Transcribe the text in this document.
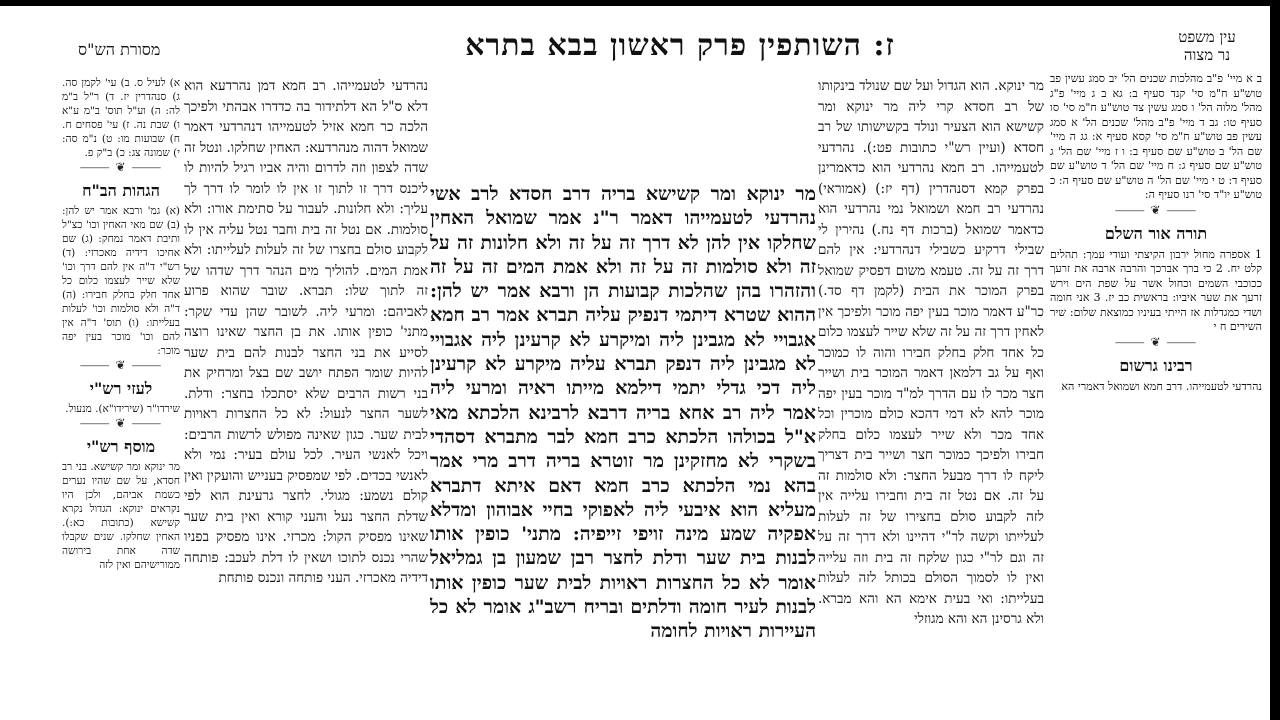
עין משפט
נר מצוה
ז: השותפין פרק ראשון בבא בתרא
מסורת הש"ס

מר ינוקא ומר קשישא בריה דרב חסדא לרב אשי נהרדעי לטעמייהו דאמר ר"נ אמר שמואל האחין שחלקו אין להן לא דרך זה על זה ולא חלונות זה על זה ולא סולמות זה על זה ולא אמת המים זה על זה והזהרו בהן שהלכות קבועות הן ורבא אמר יש להן: ההוא שטרא דיתמי דנפיק עליה תברא אמר רב חמא אגבויי לא מגבינן ליה ומיקרע לא קרעינן ליה אגבויי לא מגבינן ליה דנפק תברא עליה מיקרע לא קרעינן ליה דכי גדלי יתמי דילמא מייתו ראיה ומרעי ליה אמר ליה רב אחא בריה דרבא לרבינא הלכתא מאי א"ל בכולהו הלכתא כרב חמא לבר מתברא דסהדי בשקרי לא מחזקינן מר זוטרא בריה דרב מרי אמר בהא נמי הלכתא כרב חמא דאם איתא דתברא מעליא הוא איבעי ליה לאפוקי בחיי אבוהון ומדלא אפקיה שמע מינה זויפי זייפיה: מתני' כופין אותו לבנות בית שער ודלת לחצר רבן שמעון בן גמליאל אומר לא כל החצרות ראויות לבית שער כופין אותו לבנות לעיר חומה ודלתים ובריח רשב"ג אומר לא כל העיירות ראויות לחומה

מר ינוקא. הוא הגדול ועל שם שנולד בינקותו של רב חסדא קרי ליה מר ינוקא ומר קשישא הוא הצעיר ונולד בקשישותו של רב חסדא (ועיין רש"י כתובות פט:). נהרדעי לטעמייהו. רב חמא נהרדעי הוא כדאמרינן בפרק קמא דסנהדרין (דף יז:) (אמוראי) נהרדעי רב חמא ושמואל נמי נהרדעי הוא כדאמר שמואל (ברכות דף נח.) נהירין לי שבילי דרקיע כשבילי דנהרדעי: אין להם דרך זה על זה. טעמא משום דפסיק שמואל בפרק המוכר את הבית (לקמן דף סד.) כר"ע דאמר מוכר בעין יפה מוכר ולפיכך אין לאחין דרך זה על זה שלא שייר לעצמו כלום כל אחד חלק בחלק חבירו והוה לו כמוכר ואף על גב דלמאן דאמר המוכר בית ושייר חצר מכר לו עם הדרך למ"ד מוכר בעין יפה מוכר להא לא דמי דהכא כולם מוכרין וכל אחד מכר ולא שייר לעצמו כלום בחלק חבירו ולפיכך כמוכר חצר ושייר בית דצריך ליקח לו דרך מבעל החצר: ולא סולמות זה על זה. אם נטל זה בית וחבירו עלייה אין לזה לקבוע סולם בחצירו של זה לעלות לעלייתו וקשה לר"י דהיינו ולא דרך זה על זה וגם לר"י כגון שלקח זה בית וזה עלייה ואין לו לסמוך הסולם בכותל לזה לעלות בעלייתו: ואי בעית אימא הא והא מברא. ולא גרסינן הא והא מגוזלי

נהרדעי לטעמייהו. רב חמא דמן נהרדעא הוא דלא ס"ל הא דלתידור בה כדדרו אבהתי ולפיכך הלכה כר חמא אזיל לטעמייהו דנהרדעי דאמר שמואל דהוה מנהרדעא: האחין שחלקו. ונטל זה שדה לצפון וזה לדרום והיה אביו רגיל להיות לו ליכנס דרך זו לתוך זו אין לו לומר לו דרך לך עליך: ולא חלונות. לעבור על סתימת אורו: ולא סולמות. אם נטל זה בית וחבר נטל עליה אין לו לקבוע סולם בחצרו של זה לעלות לעלייתו: ולא אמת המים. להוליך מים הנהר דרך שדהו של זה לתוך שלו: תברא. שובר שהוא פרוע לאביהם: ומרעי ליה. לשובר שהן עדי שקר: מתני' כופין אותו. את בן החצר שאינו רוצה לסייע את בני החצר לבנות להם בית שער להיות שומר הפתח יושב שם בצל ומרחיק את בני רשות הרבים שלא יסתכלו בחצר: ודלת. לשער החצר לנעול: לא כל החצרות ראויות לבית שער. כגון שאינה מפולש לרשות הרבים: ויכל לאנשי העיר. לכל עולם בעיר: נמי ולא לאנשי בכדים. לפי שמפסיק בענייש והועקין ואין קולם נשמע: מגולי. לחצר גרעינת הוא לפי שדלת החצר נעל והעני קורא ואין בית שער שאינו מפסיק הקול: מכרזי. אינו מפסיק בפניו שהרי נכנס לתוכו ושאין לו דלת לעכב: פותחה דידיה מאכרזי. העני פותחה ונכנס פותחת

ב א מיי' פ"ב מהלכות שכנים הל' יב סמג עשין פב טוש"ע ח"מ סי' קנד סעיף ב: גא ב ג מיי' פ"ג מהל' מלוה הל' ו סמג עשין צד טוש"ע ח"מ סי' סו סעיף טו: גב ד מיי' פ"ב מהל' שכנים הל' א סמג עשין פב טוש"ע ח"מ סי' קסא סעיף א: גג ה מיי' שם הל' ב טוש"ע שם סעיף ב: ו ז מיי' שם הל' ג טוש"ע שם סעיף ג: ח מיי' שם הל' ד טוש"ע שם סעיף ד: ט י מיי' שם הל' ה טוש"ע שם סעיף ה: כ טוש"ע יו"ד סי' רנו סעיף ה:

⸻ ❦ ⸻
תורה אור השלם

1 אספרה מחול ירבון הקיצתי ועודי עמך: תהלים קלט יח. 2 כי ברך אברכך והרבה ארבה את זרעך ככוכבי השמים וכחול אשר על שפת הים וירש זרעך את שער איביו: בראשית כב יז. 3 אני חומה ושדי כמגדלות אז הייתי בעיניו כמוצאת שלום: שיר השירים ח י

⸻ ❦ ⸻
רבינו גרשום

נהרדעי לטעמייהו. דרב חמא ושמואל דאמרי הא

א) לעיל ס. ב) עי' לקמן סה. ג) סנהדרין יז. ד) ר"ל ב"מ לה: ה) וע"ל תוס' ב"מ ע"א ו) שבת נה. ז) עי' פסחים ח. ח) שבועות מו: ט) נ"מ סה: י) שמונה צג: כ) ב"ק פ.

⸻ ❦ ⸻
הגהות הב"ח

(א) גמ' ורבא אמר יש להן: (ב) שם מאי האחין וכו' כצ"ל ותיבת דאמר נמחק: (ג) שם אחיכו דידיה מאכרזי: (ד) רש"י ד"ה אין להם דרך וכו' שלא שייר לעצמו כלום כל אחד חלק בחלק חבירו: (ה) ד"ה ולא סולמות וכו' לעלות בעלייתו: (ו) תוס' ד"ה אין להם וכו' מוכר בעין יפה מוכר:

⸻ ❦ ⸻
לעזי רש"י

שירדו"ר (שירידו"א). מנעול.

⸻ ❦ ⸻
מוסף רש"י

מר ינוקא ומר קשישא. בני רב חסדא, על שם שהיו נערים כשמת אביהם, ולכן היו נקראים ינוקא: הגדול נקרא קשישא (כתובות כא:). האחין שחלקו. שנים שקבלו שדה אחת בירושה ממורישיהם ואין לזה
